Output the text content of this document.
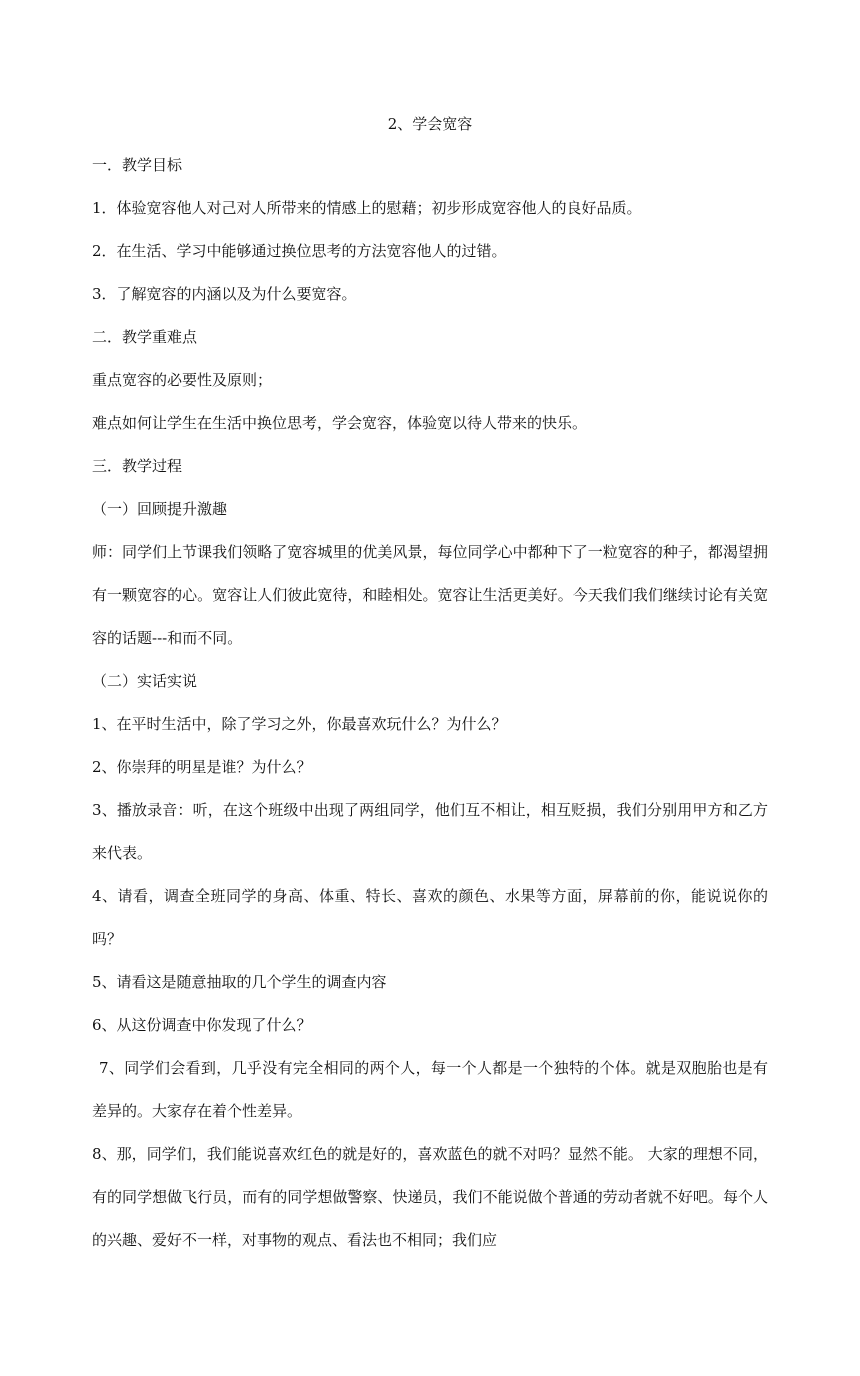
2、学会宽容

一．教学目标

1．体验宽容他人对己对人所带来的情感上的慰藉；初步形成宽容他人的良好品质。

2．在生活、学习中能够通过换位思考的方法宽容他人的过错。

3．了解宽容的内涵以及为什么要宽容。

二．教学重难点

重点宽容的必要性及原则；

难点如何让学生在生活中换位思考，学会宽容，体验宽以待人带来的快乐。

三．教学过程

（一）回顾提升激趣

师：同学们上节课我们领略了宽容城里的优美风景，每位同学心中都种下了一粒宽容的种子，都渴望拥有一颗宽容的心。宽容让人们彼此宽待，和睦相处。宽容让生活更美好。今天我们我们继续讨论有关宽容的话题---和而不同。

（二）实话实说

1、在平时生活中，除了学习之外，你最喜欢玩什么？为什么？

2、你崇拜的明星是谁？为什么？

3、播放录音：听，在这个班级中出现了两组同学，他们互不相让，相互贬损，我们分别用甲方和乙方来代表。

4、请看，调查全班同学的身高、体重、特长、喜欢的颜色、水果等方面，屏幕前的你，能说说你的吗？

5、请看这是随意抽取的几个学生的调查内容

6、从这份调查中你发现了什么？

7、同学们会看到，几乎没有完全相同的两个人，每一个人都是一个独特的个体。就是双胞胎也是有差异的。大家存在着个性差异。

8、那，同学们，我们能说喜欢红色的就是好的，喜欢蓝色的就不对吗？显然不能。 大家的理想不同，有的同学想做飞行员，而有的同学想做警察、快递员，我们不能说做个普通的劳动者就不好吧。每个人的兴趣、爱好不一样，对事物的观点、看法也不相同；我们应
